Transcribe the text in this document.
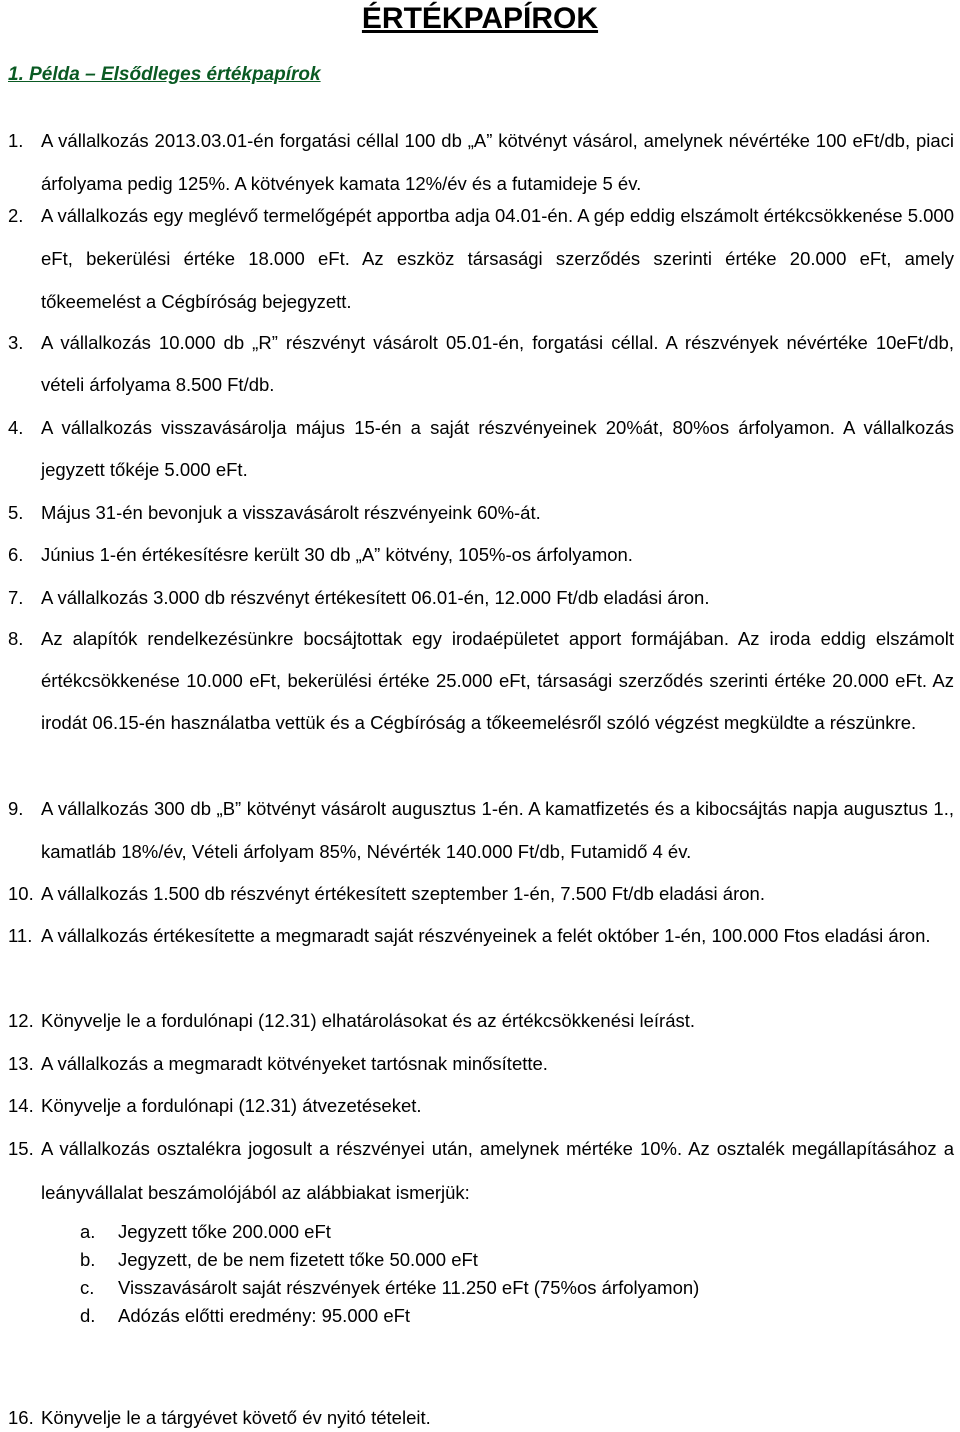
ÉRTÉKPAPÍROK
1. Példa – Elsődleges értékpapírok
1. A vállalkozás 2013.03.01-én forgatási céllal 100 db „A” kötvényt vásárol, amelynek névértéke 100 eFt/db, piaci árfolyama pedig 125%. A kötvények kamata 12%/év és a futamideje 5 év.
2. A vállalkozás egy meglévő termelőgépét apportba adja 04.01-én. A gép eddig elszámolt értékcsökkenése 5.000 eFt, bekerülési értéke 18.000 eFt. Az eszköz társasági szerződés szerinti értéke 20.000 eFt, amely tőkeemelést a Cégbíróság bejegyzett.
3. A vállalkozás 10.000 db „R” részvényt vásárolt 05.01-én, forgatási céllal. A részvények névértéke 10eFt/db, vételi árfolyama 8.500 Ft/db.
4. A vállalkozás visszavásárolja május 15-én a saját részvényeinek 20%át, 80%os árfolyamon. A vállalkozás jegyzett tőkéje 5.000 eFt.
5. Május 31-én bevonjuk a visszavásárolt részvényeink 60%-át.
6. Június 1-én értékesítésre került 30 db „A” kötvény, 105%-os árfolyamon.
7. A vállalkozás 3.000 db részvényt értékesített 06.01-én, 12.000 Ft/db eladási áron.
8. Az alapítók rendelkezésünkre bocsájtottak egy irodaépületet apport formájában. Az iroda eddig elszámolt értékcsökkenése 10.000 eFt, bekerülési értéke 25.000 eFt, társasági szerződés szerinti értéke 20.000 eFt. Az irodát 06.15-én használatba vettük és a Cégbíróság a tőkeemelésről szóló végzést megküldte a részünkre.
9. A vállalkozás 300 db „B” kötvényt vásárolt augusztus 1-én. A kamatfizetés és a kibocsájtás napja augusztus 1., kamatláb 18%/év, Vételi árfolyam 85%, Névérték 140.000 Ft/db, Futamidő 4 év.
10. A vállalkozás 1.500 db részvényt értékesített szeptember 1-én, 7.500 Ft/db eladási áron.
11. A vállalkozás értékesítette a megmaradt saját részvényeinek a felét október 1-én, 100.000 Ftos eladási áron.
12. Könyvelje le a fordulónapi (12.31) elhatárolásokat és az értékcsökkenési leírást.
13. A vállalkozás a megmaradt kötvényeket tartósnak minősítette.
14. Könyvelje a fordulónapi (12.31) átvezetéseket.
15. A vállalkozás osztalékra jogosult a részvényei után, amelynek mértéke 10%. Az osztalék megállapításához a leányvállalat beszámolójából az alábbiakat ismerjük:
a. Jegyzett tőke 200.000 eFt
b. Jegyzett, de be nem fizetett tőke 50.000 eFt
c. Visszavásárolt saját részvények értéke 11.250 eFt (75%os árfolyamon)
d. Adózás előtti eredmény: 95.000 eFt
16. Könyvelje le a tárgyévet követő év nyitó tételeit.
